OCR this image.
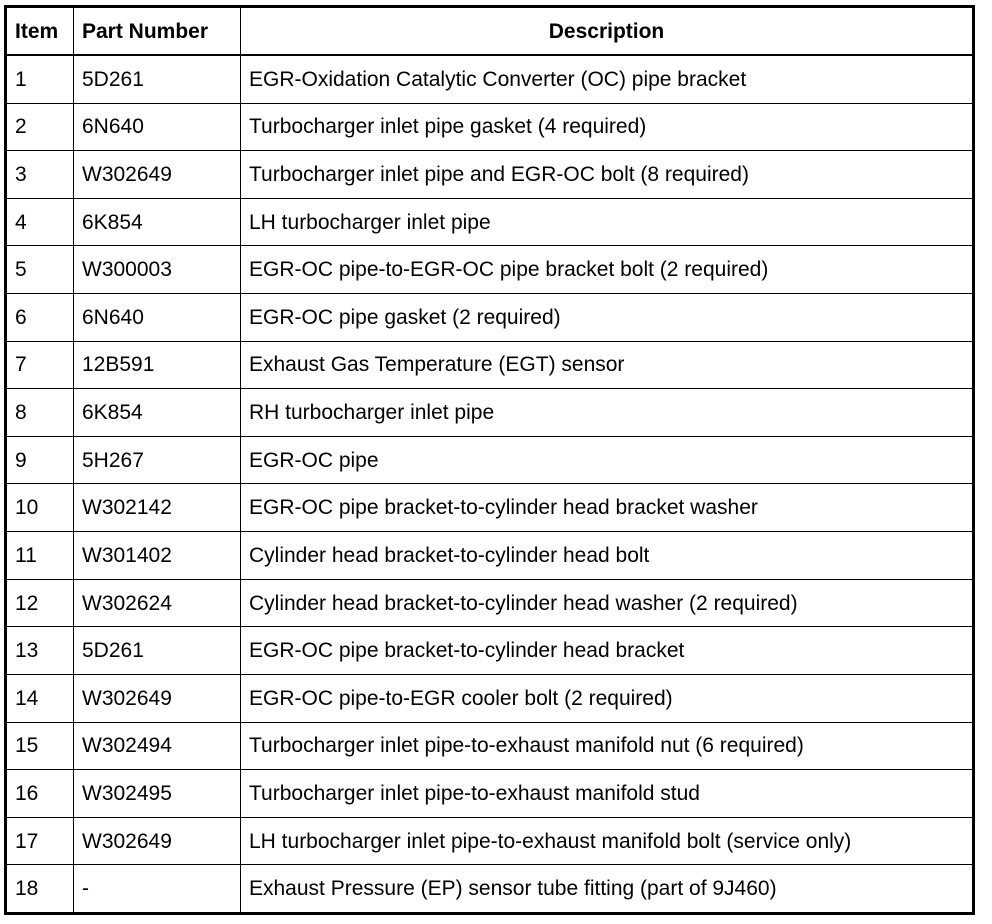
Item	Part Number	Description
1	5D261	EGR-Oxidation Catalytic Converter (OC) pipe bracket
2	6N640	Turbocharger inlet pipe gasket (4 required)
3	W302649	Turbocharger inlet pipe and EGR-OC bolt (8 required)
4	6K854	LH turbocharger inlet pipe
5	W300003	EGR-OC pipe-to-EGR-OC pipe bracket bolt (2 required)
6	6N640	EGR-OC pipe gasket (2 required)
7	12B591	Exhaust Gas Temperature (EGT) sensor
8	6K854	RH turbocharger inlet pipe
9	5H267	EGR-OC pipe
10	W302142	EGR-OC pipe bracket-to-cylinder head bracket washer
11	W301402	Cylinder head bracket-to-cylinder head bolt
12	W302624	Cylinder head bracket-to-cylinder head washer (2 required)
13	5D261	EGR-OC pipe bracket-to-cylinder head bracket
14	W302649	EGR-OC pipe-to-EGR cooler bolt (2 required)
15	W302494	Turbocharger inlet pipe-to-exhaust manifold nut (6 required)
16	W302495	Turbocharger inlet pipe-to-exhaust manifold stud
17	W302649	LH turbocharger inlet pipe-to-exhaust manifold bolt (service only)
18	-	Exhaust Pressure (EP) sensor tube fitting (part of 9J460)
